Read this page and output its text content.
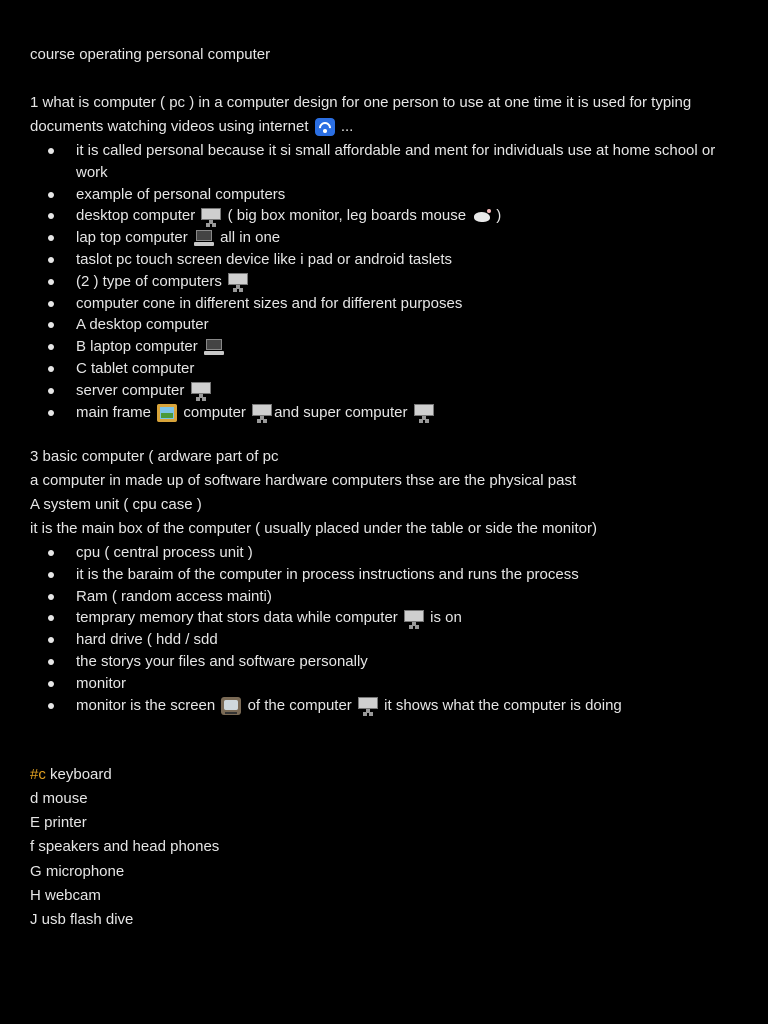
course operating personal computer
1 what is computer ( pc ) in a computer design for one person to use at one time it is used for typing documents watching videos using internet ...
it is called personal because it si small affordable and ment for individuals use at home school or work
example of personal computers
desktop computer ( big box monitor, leg boards mouse )
lap top computer  all in one
taslot pc touch screen device like i pad or android taslets
(2 ) type of computers
computer cone in different sizes and for different purposes
A desktop computer
B laptop computer
C tablet computer
server computer
main frame computer and super computer
3 basic computer ( ardware part of pc
a computer in made up of software hardware computers thse are the physical past
A system unit ( cpu case )
it is the main box of the computer ( usually placed under the table or side the monitor)
cpu ( central process unit )
it is the baraim of the computer in process instructions and runs the process
Ram ( random access mainti)
temprary memory that stors data while computer is on
hard drive ( hdd / sdd
the storys your files and software personally
monitor
monitor is the screen of the computer it shows what the computer is doing
#c keyboard
d mouse
E printer
f speakers and head phones
G microphone
H webcam
J usb flash dive
